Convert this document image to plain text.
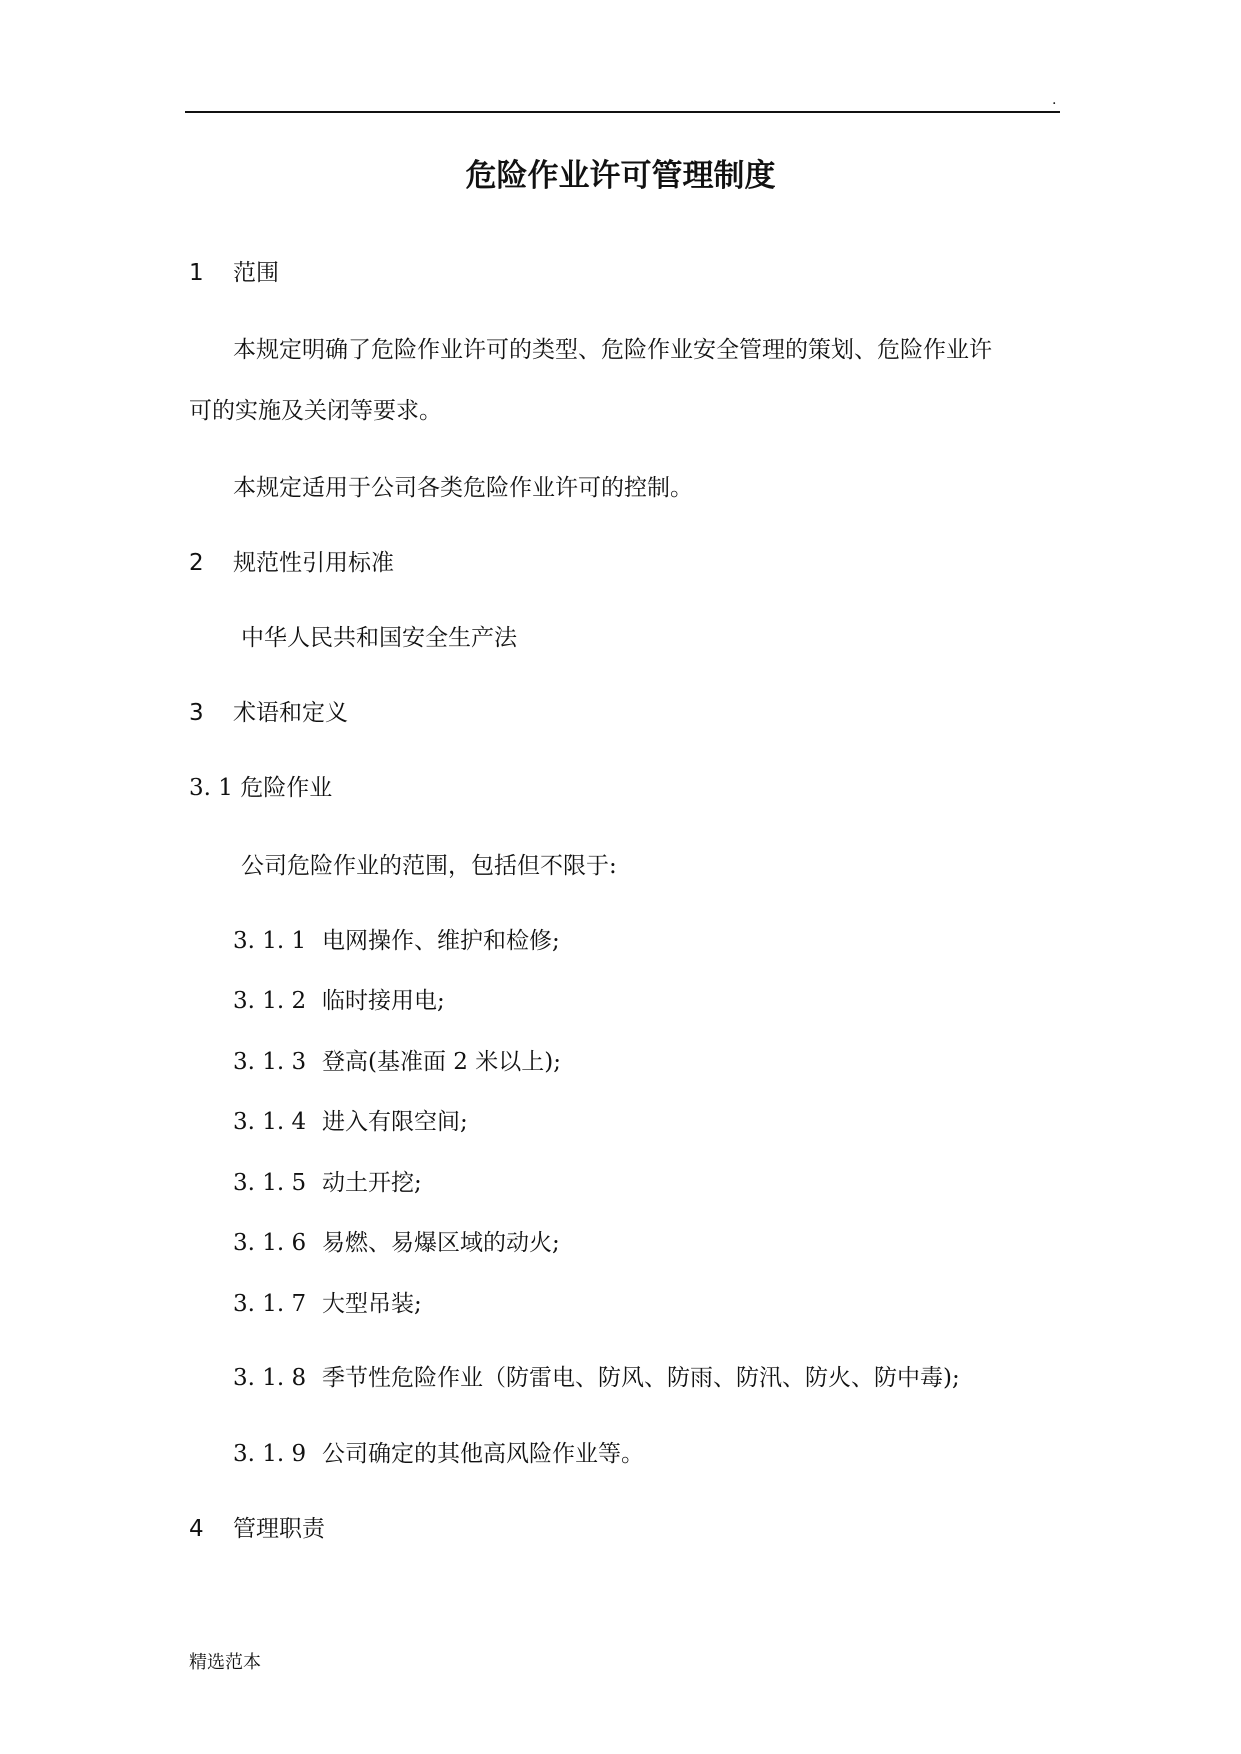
.
危险作业许可管理制度
1 范围
本规定明确了危险作业许可的类型、危险作业安全管理的策划、危险作业许
可的实施及关闭等要求。
本规定适用于公司各类危险作业许可的控制。
2 规范性引用标准
中华人民共和国安全生产法
3 术语和定义
3. 1 危险作业
公司危险作业的范围，包括但不限于:
3. 1. 1 电网操作、维护和检修;
3. 1. 2 临时接用电;
3. 1. 3 登高(基准面 2 米以上);
3. 1. 4 进入有限空间;
3. 1. 5 动土开挖;
3. 1. 6 易燃、易爆区域的动火;
3. 1. 7 大型吊装;
3. 1. 8 季节性危险作业（防雷电、防风、防雨、防汛、防火、防中毒);
3. 1. 9 公司确定的其他高风险作业等。
4 管理职责
精选范本
